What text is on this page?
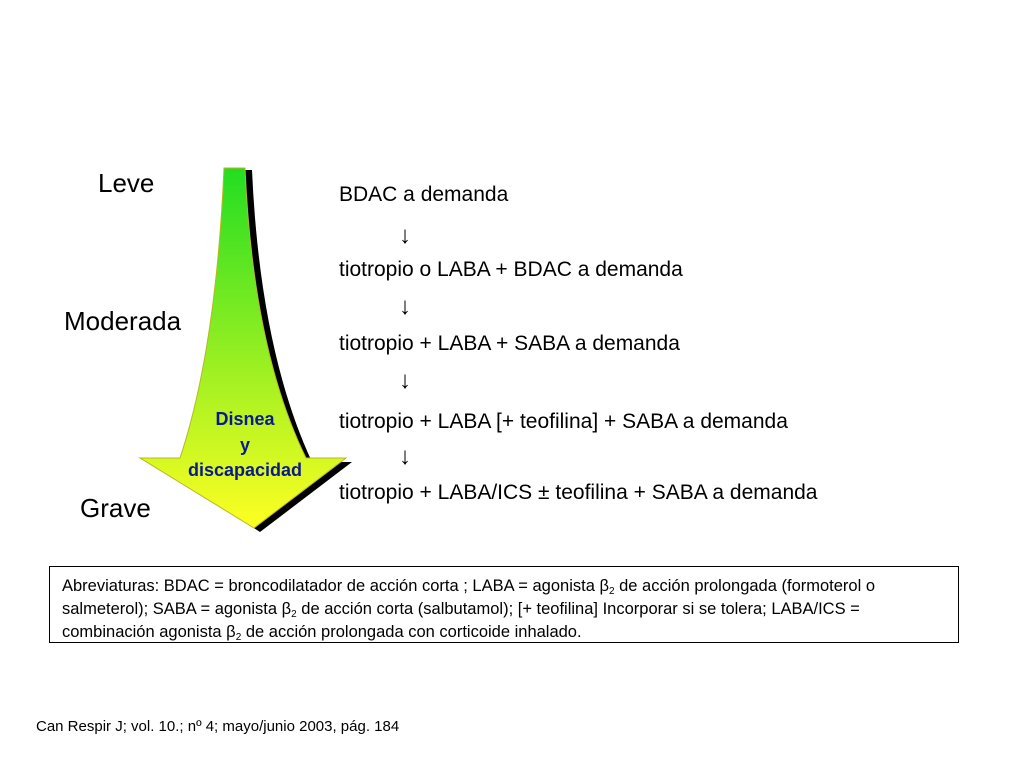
Leve
Moderada
Grave
Disnea
y
discapacidad
BDAC a demanda
↓
tiotropio o LABA + BDAC a demanda
↓
tiotropio + LABA + SABA a demanda
↓
tiotropio + LABA [+ teofilina] + SABA a demanda
↓
tiotropio + LABA/ICS ± teofilina + SABA a demanda
Abreviaturas: BDAC = broncodilatador de acción corta ; LABA = agonista $\beta_2$ de acción prolongada (formoterol o salmeterol); SABA = agonista $\beta_2$ de acción corta (salbutamol); [+ teofilina] Incorporar si se tolera; LABA/ICS = combinación agonista $\beta_2$ de acción prolongada con corticoide inhalado.
Can Respir J; vol. 10.; nº 4; mayo/junio 2003, pág. 184
